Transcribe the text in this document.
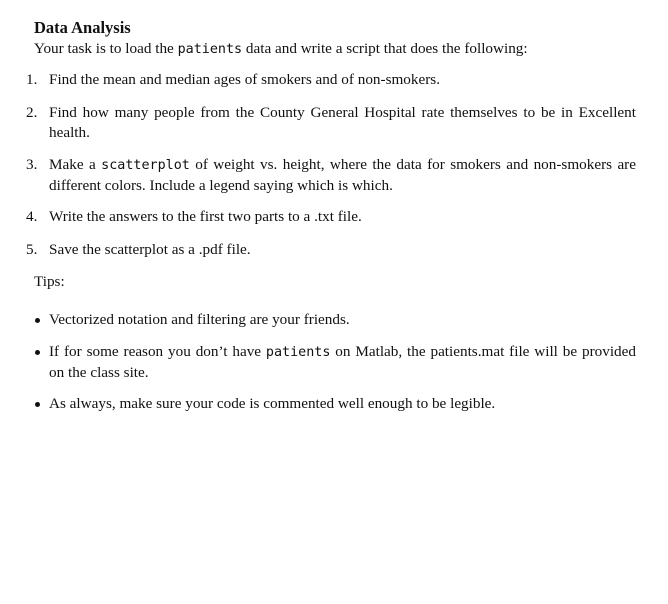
Data Analysis
Your task is to load the patients data and write a script that does the following:
1. Find the mean and median ages of smokers and of non-smokers.
2. Find how many people from the County General Hospital rate themselves to be in Excellent health.
3. Make a scatterplot of weight vs. height, where the data for smokers and non-smokers are different colors. Include a legend saying which is which.
4. Write the answers to the first two parts to a .txt file.
5. Save the scatterplot as a .pdf file.
Tips:
Vectorized notation and filtering are your friends.
If for some reason you don’t have patients on Matlab, the patients.mat file will be provided on the class site.
As always, make sure your code is commented well enough to be legible.
